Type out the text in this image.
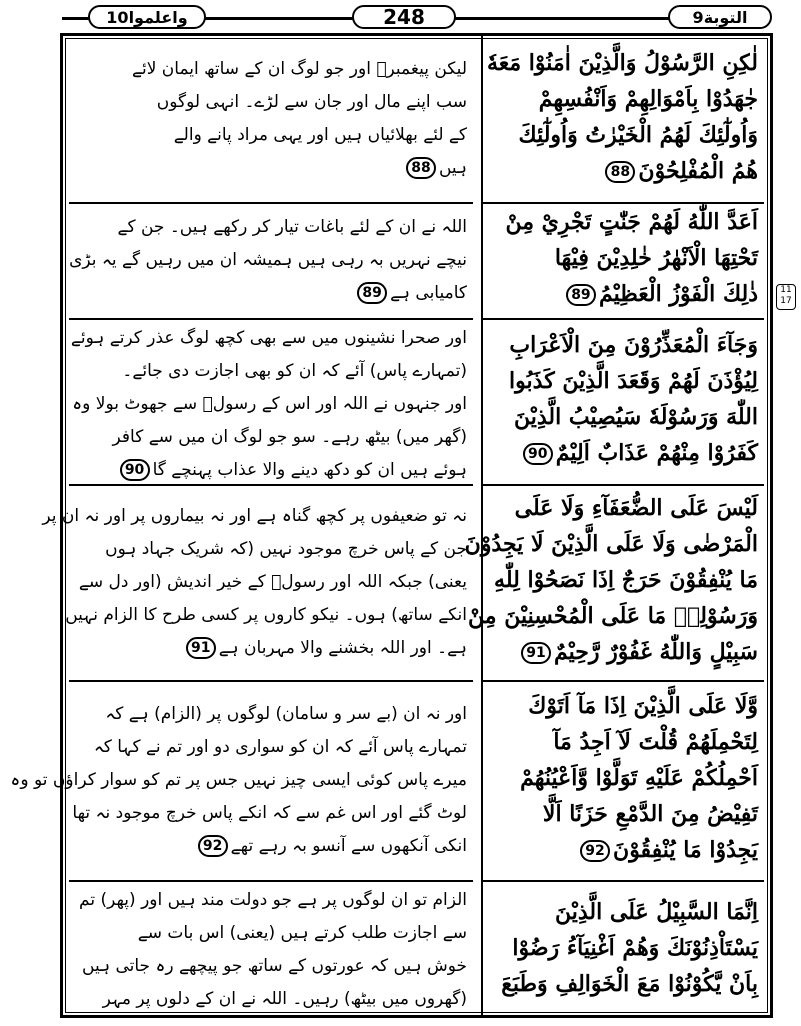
واعلموا10	248	التوبة9
لٰكِنِ الرَّسُوْلُ وَالَّذِيْنَ اٰمَنُوْا مَعَهٗ
جٰهَدُوْا بِاَمْوَالِهِمْ وَاَنْفُسِهِمْ
وَاُولٰٓئِكَ لَهُمُ الْخَيْرٰتُ وَاُولٰٓئِكَ
هُمُ الْمُفْلِحُوْنَ88
اَعَدَّ اللّٰهُ لَهُمْ جَنّٰتٍ تَجْرِيْ مِنْ
تَحْتِهَا الْاَنْهٰرُ خٰلِدِيْنَ فِيْهَا
ذٰلِكَ الْفَوْزُ الْعَظِيْمُ89
وَجَآءَ الْمُعَذِّرُوْنَ مِنَ الْاَعْرَابِ
لِيُؤْذَنَ لَهُمْ وَقَعَدَ الَّذِيْنَ كَذَبُوا
اللّٰهَ وَرَسُوْلَهٗ سَيُصِيْبُ الَّذِيْنَ
كَفَرُوْا مِنْهُمْ عَذَابٌ اَلِيْمٌ90
لَيْسَ عَلَى الضُّعَفَآءِ وَلَا عَلَى
الْمَرْضٰى وَلَا عَلَى الَّذِيْنَ لَا يَجِدُوْنَ
مَا يُنْفِقُوْنَ حَرَجٌ اِذَا نَصَحُوْا لِلّٰهِ
وَرَسُوْلِهٖ مَا عَلَى الْمُحْسِنِيْنَ مِنْ
سَبِيْلٍ وَاللّٰهُ غَفُوْرٌ رَّحِيْمٌ91
وَّلَا عَلَى الَّذِيْنَ اِذَا مَآ اَتَوْكَ
لِتَحْمِلَهُمْ قُلْتَ لَآ اَجِدُ مَآ
اَحْمِلُكُمْ عَلَيْهِ تَوَلَّوْا وَّاَعْيُنُهُمْ
تَفِيْضُ مِنَ الدَّمْعِ حَزَنًا اَلَّا
يَجِدُوْا مَا يُنْفِقُوْنَ92
اِنَّمَا السَّبِيْلُ عَلَى الَّذِيْنَ
يَسْتَاْذِنُوْنَكَ وَهُمْ اَغْنِيَآءُ رَضُوْا
بِاَنْ يَّكُوْنُوْا مَعَ الْخَوَالِفِ وَطَبَعَ
لیکن پیغمبرؐ اور جو لوگ ان کے ساتھ ایمان لائے
سب اپنے مال اور جان سے لڑے۔ انہی لوگوں
کے لئے بھلائیاں ہیں اور یہی مراد پانے والے
ہیں88
اللہ نے ان کے لئے باغات تیار کر رکھے ہیں۔ جن کے
نیچے نہریں بہ رہی ہیں ہمیشہ ان میں رہیں گے یہ بڑی
کامیابی ہے89
اور صحرا نشینوں میں سے بھی کچھ لوگ عذر کرتے ہوئے
(تمہارے پاس) آئے کہ ان کو بھی اجازت دی جائے۔
اور جنہوں نے اللہ اور اس کے رسولؐ سے جھوٹ بولا وہ
(گھر میں) بیٹھ رہے۔ سو جو لوگ ان میں سے کافر
ہوئے ہیں ان کو دکھ دینے والا عذاب پہنچے گا90
نہ تو ضعیفوں پر کچھ گناہ ہے اور نہ بیماروں پر اور نہ ان پر
جن کے پاس خرچ موجود نہیں (کہ شریک جہاد ہوں
یعنی) جبکہ اللہ اور رسولؐ کے خیر اندیش (اور دل سے
انکے ساتھ) ہوں۔ نیکو کاروں پر کسی طرح کا الزام نہیں
ہے۔ اور اللہ بخشنے والا مہربان ہے91
اور نہ ان (بے سر و سامان) لوگوں پر (الزام) ہے کہ
تمہارے پاس آئے کہ ان کو سواری دو اور تم نے کہا کہ
میرے پاس کوئی ایسی چیز نہیں جس پر تم کو سوار کراؤں تو وہ
لوٹ گئے اور اس غم سے کہ انکے پاس خرچ موجود نہ تھا
انکی آنکھوں سے آنسو بہ رہے تھے92
الزام تو ان لوگوں پر ہے جو دولت مند ہیں اور (پھر) تم
سے اجازت طلب کرتے ہیں (یعنی) اس بات سے
خوش ہیں کہ عورتوں کے ساتھ جو پیچھے رہ جاتی ہیں
(گھروں میں بیٹھ) رہیں۔ اللہ نے ان کے دلوں پر مہر
11 17
